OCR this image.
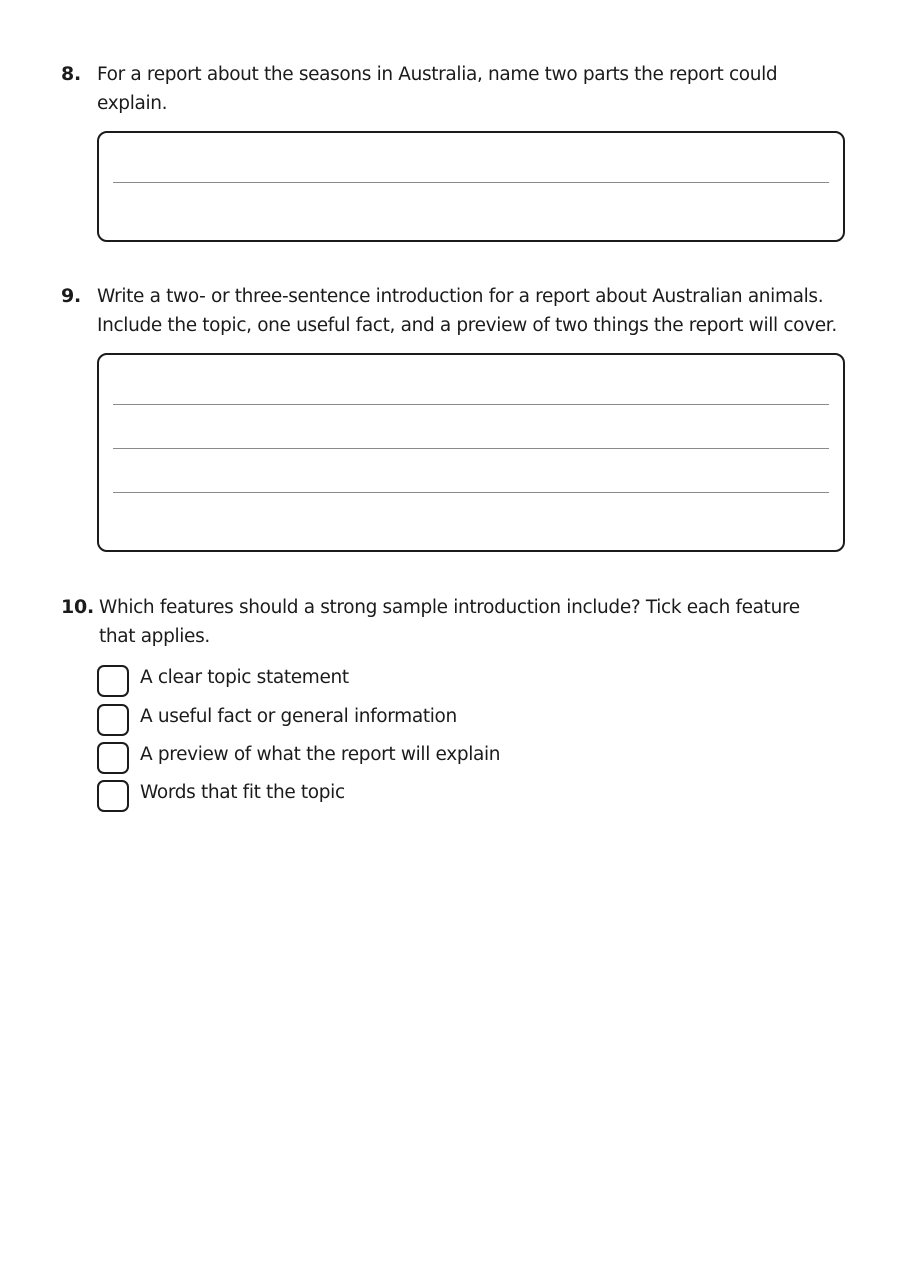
8. For a report about the seasons in Australia, name two parts the report could explain.

9. Write a two- or three-sentence introduction for a report about Australian animals. Include the topic, one useful fact, and a preview of two things the report will cover.

10. Which features should a strong sample introduction include? Tick each feature that applies.

A clear topic statement
A useful fact or general information
A preview of what the report will explain
Words that fit the topic
